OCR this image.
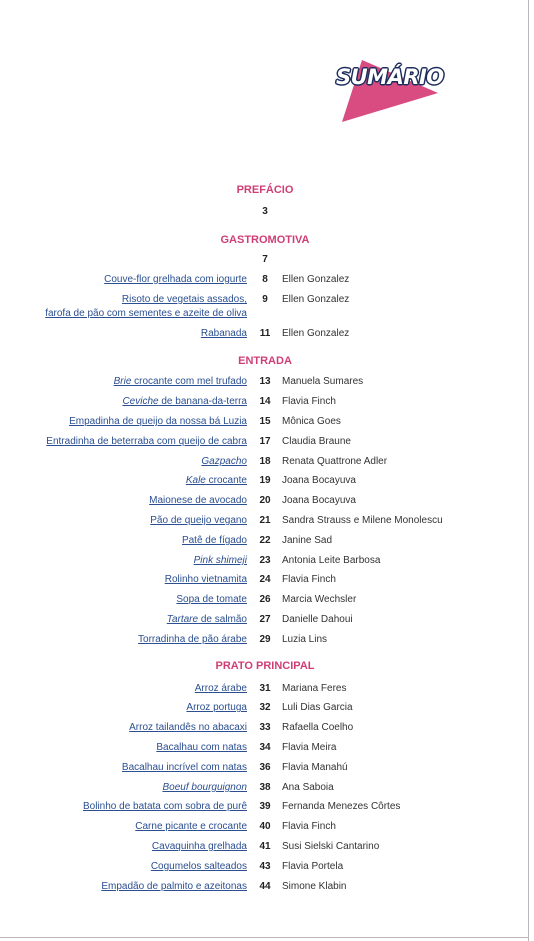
SUMÁRIO
PREFÁCIO
3
GASTROMOTIVA
7
Couve-flor grelhada com iogurte	8	Ellen Gonzalez
Risoto de vegetais assados,
farofa de pão com sementes e azeite de oliva
9	Ellen Gonzalez
Rabanada 11 Ellen Gonzalez
ENTRADA
Brie crocante com mel trufado 13 Manuela Sumares
Ceviche de banana-da-terra 14 Flavia Finch
Empadinha de queijo da nossa bá Luzia 15 Mônica Goes
Entradinha de beterraba com queijo de cabra 17 Claudia Braune
Gazpacho 18 Renata Quattrone Adler
Kale crocante 19 Joana Bocayuva
Maionese de avocado 20 Joana Bocayuva
Pão de queijo vegano 21 Sandra Strauss e Milene Monolescu
Patê de fígado 22 Janine Sad
Pink shimeji 23 Antonia Leite Barbosa
Rolinho vietnamita 24 Flavia Finch
Sopa de tomate 26 Marcia Wechsler
Tartare de salmão 27 Danielle Dahoui
Torradinha de pão árabe 29 Luzia Lins
PRATO PRINCIPAL
Arroz árabe 31 Mariana Feres
Arroz portuga 32 Luli Dias Garcia
Arroz tailandês no abacaxi 33 Rafaella Coelho
Bacalhau com natas 34 Flavia Meira
Bacalhau incrível com natas 36 Flavia Manahú
Boeuf bourguignon 38 Ana Saboia
Bolinho de batata com sobra de purê 39 Fernanda Menezes Côrtes
Carne picante e crocante 40 Flavia Finch
Cavaquinha grelhada 41 Susi Sielski Cantarino
Cogumelos salteados 43 Flavia Portela
Empadão de palmito e azeitonas 44 Simone Klabin
